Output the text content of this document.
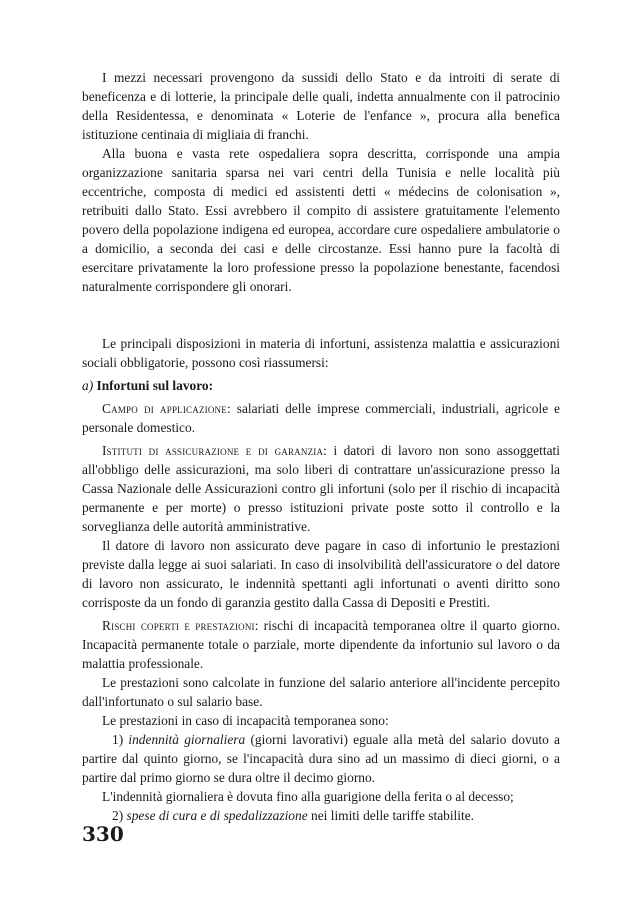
I mezzi necessari provengono da sussidi dello Stato e da introiti di serate di beneficenza e di lotterie, la principale delle quali, indetta annualmente con il patrocinio della Residentessa, e denominata « Loterie de l'enfance », procura alla benefica istituzione centinaia di migliaia di franchi.

Alla buona e vasta rete ospedaliera sopra descritta, corrisponde una ampia organizzazione sanitaria sparsa nei vari centri della Tunisia e nelle località più eccentriche, composta di medici ed assistenti detti « médecins de colonisation », retribuiti dallo Stato. Essi avrebbero il compito di assistere gratuitamente l'elemento povero della popolazione indigena ed europea, accordare cure ospedaliere ambulatorie o a domicilio, a seconda dei casi e delle circostanze. Essi hanno pure la facoltà di esercitare privatamente la loro professione presso la popolazione benestante, facendosi naturalmente corrispondere gli onorari.

Le principali disposizioni in materia di infortuni, assistenza malattia e assicurazioni sociali obbligatorie, possono così riassumersi:

a) Infortuni sul lavoro:

Campo di applicazione: salariati delle imprese commerciali, industriali, agricole e personale domestico.

Istituti di assicurazione e di garanzia: i datori di lavoro non sono assoggettati all'obbligo delle assicurazioni, ma solo liberi di contrattare un'assicurazione presso la Cassa Nazionale delle Assicurazioni contro gli infortuni (solo per il rischio di incapacità permanente e per morte) o presso istituzioni private poste sotto il controllo e la sorveglianza delle autorità amministrative.

Il datore di lavoro non assicurato deve pagare in caso di infortunio le prestazioni previste dalla legge ai suoi salariati. In caso di insolvibilità dell'assicuratore o del datore di lavoro non assicurato, le indennità spettanti agli infortunati o aventi diritto sono corrisposte da un fondo di garanzia gestito dalla Cassa di Depositi e Prestiti.

Rischi coperti e prestazioni: rischi di incapacità temporanea oltre il quarto giorno. Incapacità permanente totale o parziale, morte dipendente da infortunio sul lavoro o da malattia professionale.

Le prestazioni sono calcolate in funzione del salario anteriore all'incidente percepito dall'infortunato o sul salario base.

Le prestazioni in caso di incapacità temporanea sono:

1) indennità giornaliera (giorni lavorativi) eguale alla metà del salario dovuto a partire dal quinto giorno, se l'incapacità dura sino ad un massimo di dieci giorni, o a partire dal primo giorno se dura oltre il decimo giorno.

L'indennità giornaliera è dovuta fino alla guarigione della ferita o al decesso;

2) spese di cura e di spedalizzazione nei limiti delle tariffe stabilite.

330
